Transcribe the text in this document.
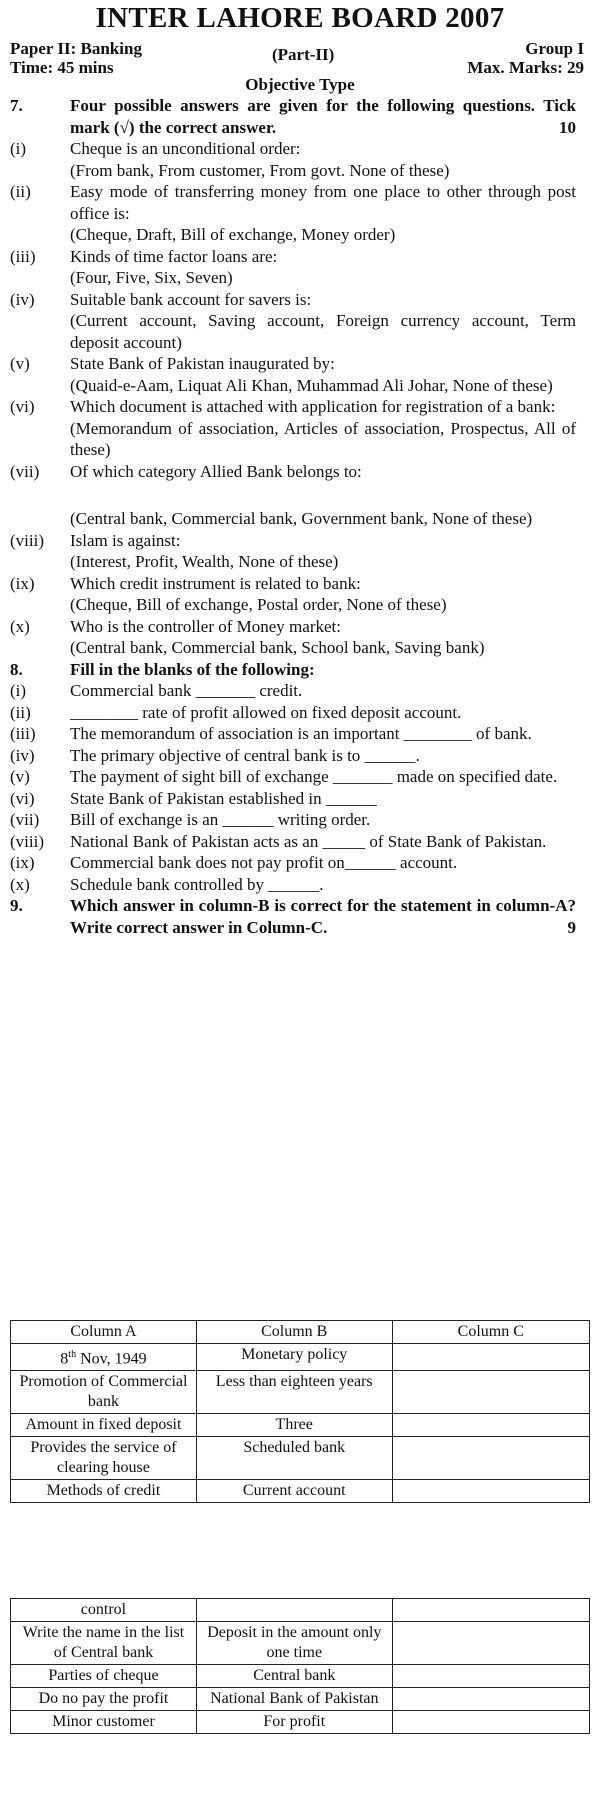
INTER LAHORE BOARD 2007
Paper II: Banking	(Part-II)	Group I
Time: 45 mins	Max. Marks: 29
Objective Type
7.	Four possible answers are given for the following questions. Tick mark (√) the correct answer.	10
(i)	Cheque is an unconditional order:
(From bank, From customer, From govt. None of these)
(ii)	Easy mode of transferring money from one place to other through post office is:
(Cheque, Draft, Bill of exchange, Money order)
(iii)	Kinds of time factor loans are:
(Four, Five, Six, Seven)
(iv)	Suitable bank account for savers is:
(Current account, Saving account, Foreign currency account, Term deposit account)
(v)	State Bank of Pakistan inaugurated by:
(Quaid-e-Aam, Liquat Ali Khan, Muhammad Ali Johar, None of these)
(vi)	Which document is attached with application for registration of a bank:
(Memorandum of association, Articles of association, Prospectus, All of these)
(vii)	Of which category Allied Bank belongs to:
(Central bank, Commercial bank, Government bank, None of these)
(viii)	Islam is against:
(Interest, Profit, Wealth, None of these)
(ix)	Which credit instrument is related to bank:
(Cheque, Bill of exchange, Postal order, None of these)
(x)	Who is the controller of Money market:
(Central bank, Commercial bank, School bank, Saving bank)
8.	Fill in the blanks of the following:
(i)	Commercial bank _______ credit.
(ii)	________ rate of profit allowed on fixed deposit account.
(iii)	The memorandum of association is an important ________ of bank.
(iv)	The primary objective of central bank is to ______.
(v)	The payment of sight bill of exchange _______ made on specified date.
(vi)	State Bank of Pakistan established in ______
(vii)	Bill of exchange is an ______ writing order.
(viii)	National Bank of Pakistan acts as an _____ of State Bank of Pakistan.
(ix)	Commercial bank does not pay profit on______ account.
(x)	Schedule bank controlled by ______.
9.	Which answer in column-B is correct for the statement in column-A? Write correct answer in Column-C.	9
Column A	Column B	Column C
8th Nov, 1949	Monetary policy	
Promotion of Commercial bank	Less than eighteen years	
Amount in fixed deposit	Three	
Provides the service of clearing house	Scheduled bank	
Methods of credit	Current account	
control		
Write the name in the list of Central bank	Deposit in the amount only one time	
Parties of cheque	Central bank	
Do no pay the profit	National Bank of Pakistan	
Minor customer	For profit	
